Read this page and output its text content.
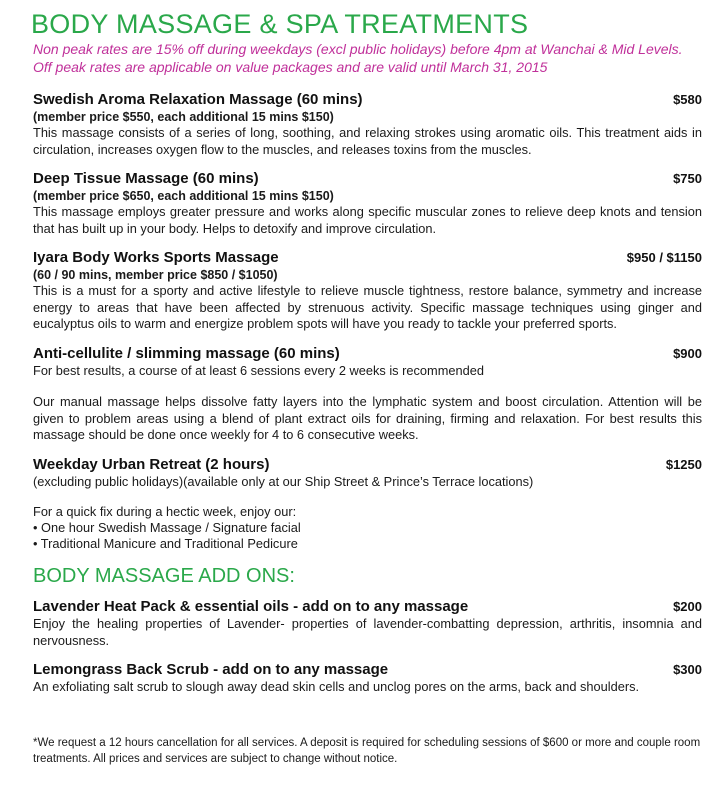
BODY MASSAGE & SPA TREATMENTS
Non peak rates are 15% off during weekdays (excl public holidays) before 4pm at Wanchai & Mid Levels. Off peak rates are applicable on value packages and are valid until March 31, 2015
Swedish Aroma Relaxation Massage (60 mins)	$580
(member price $550, each additional 15 mins $150)
This massage consists of a series of long, soothing, and relaxing strokes using aromatic oils. This treatment aids in circulation, increases oxygen flow to the muscles, and releases toxins from the muscles.
Deep Tissue Massage (60 mins)	$750
(member price $650, each additional 15 mins $150)
This massage employs greater pressure and works along specific muscular zones to relieve deep knots and tension that has built up in your body. Helps to detoxify and improve circulation.
Iyara Body Works Sports Massage	$950 / $1150
(60 / 90 mins, member price $850 / $1050)
This is a must for a sporty and active lifestyle to relieve muscle tightness, restore balance, symmetry and increase energy to areas that have been affected by strenuous activity. Specific massage techniques using ginger and eucalyptus oils to warm and energize problem spots will have you ready to tackle your preferred sports.
Anti-cellulite / slimming massage (60 mins)	$900
For best results, a course of at least 6 sessions every 2 weeks is recommended
Our manual massage helps dissolve fatty layers into the lymphatic system and boost circulation. Attention will be given to problem areas using a blend of plant extract oils for draining, firming and relaxation. For best results this massage should be done once weekly for 4 to 6 consecutive weeks.
Weekday Urban Retreat (2 hours)	$1250
(excluding public holidays)(available only at our Ship Street & Prince’s Terrace locations)
For a quick fix during a hectic week, enjoy our:
• One hour Swedish Massage / Signature facial
• Traditional Manicure and Traditional Pedicure
BODY MASSAGE ADD ONS:
Lavender Heat Pack & essential oils - add on to any massage	$200
Enjoy the healing properties of Lavender- properties of lavender-combatting depression, arthritis, insomnia and nervousness.
Lemongrass Back Scrub - add on to any massage	$300
An exfoliating salt scrub to slough away dead skin cells and unclog pores on the arms, back and shoulders.
*We request a 12 hours cancellation for all services. A deposit is required for scheduling sessions of $600 or more and couple room treatments. All prices and services are subject to change without notice.
